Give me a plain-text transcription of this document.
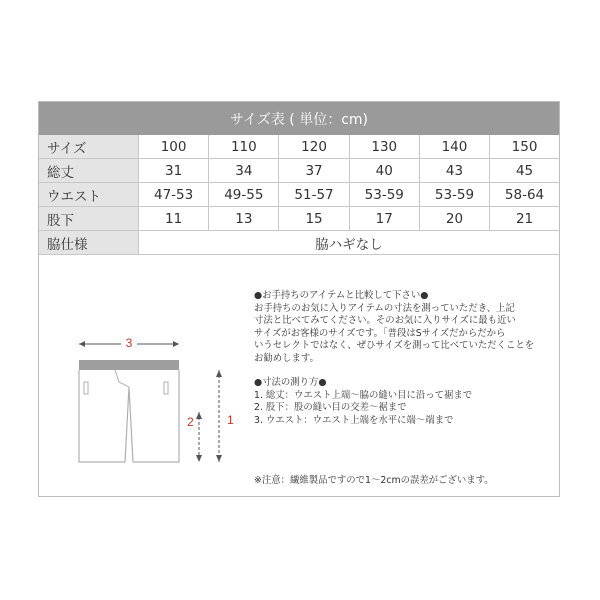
サイズ表 ( 単位：cm)
サイズ	100	110	120	130	140	150
総丈	31	34	37	40	43	45
ウエスト	47-53	49-55	51-57	53-59	53-59	58-64
股下	11	13	15	17	20	21
脇仕様	脇ハギなし					
3
1
2

●お手持ちのアイテムと比較して下さい●

お手持ちのお気に入りアイテムの寸法を測っていただき、上記

寸法と比べてみてください。そのお気に入りサイズに最も近い

サイズがお客様のサイズです。「普段はSサイズだからだから

いうセレクトではなく、ぜひサイズを測って比べていただくことを

お勧めします。

●寸法の測り方●

1. 総丈：ウエスト上端～脇の縫い目に沿って裾まで

2. 股下：股の縫い目の交差～裾まで

3. ウエスト：ウエスト上端を水平に端～端まで

※注意：繊維製品ですので1～2cmの誤差がございます。
